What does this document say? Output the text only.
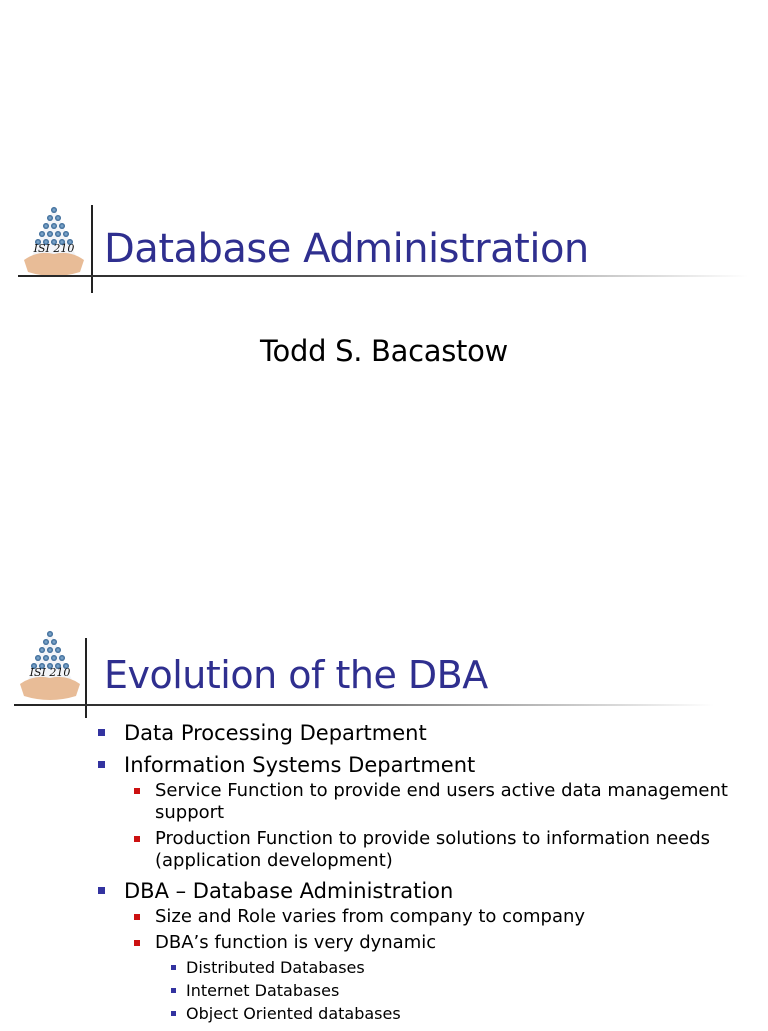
ISI 210 Database Administration

Todd S. Bacastow

ISI 210 Evolution of the DBA
Data Processing Department
Information Systems Department
Service Function to provide end users active data management support
Production Function to provide solutions to information needs (application development)
DBA – Database Administration
Size and Role varies from company to company
DBA’s function is very dynamic
Distributed Databases
Internet Databases
Object Oriented databases
